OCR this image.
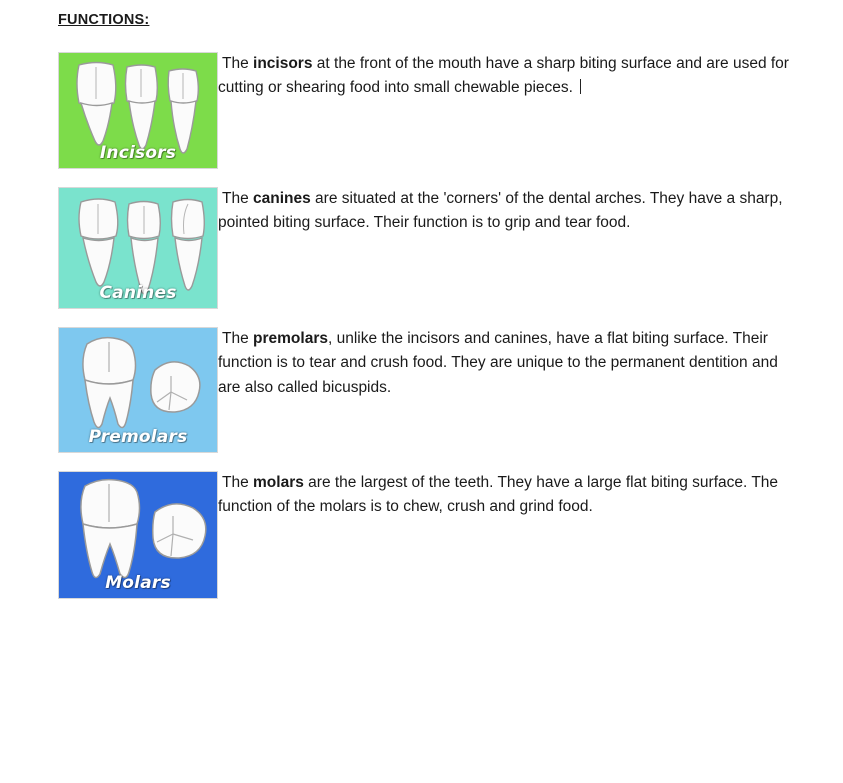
FUNCTIONS:
Incisors
The incisors at the front of the mouth have a sharp biting surface and are used for cutting or shearing food into small chewable pieces.
Canines
The canines are situated at the 'corners' of the dental arches. They have a sharp, pointed biting surface. Their function is to grip and tear food.
Premolars
The premolars, unlike the incisors and canines, have a flat biting surface. Their function is to tear and crush food. They are unique to the permanent dentition and are also called bicuspids.
Molars
The molars are the largest of the teeth. They have a large flat biting surface. The function of the molars is to chew, crush and grind food.
